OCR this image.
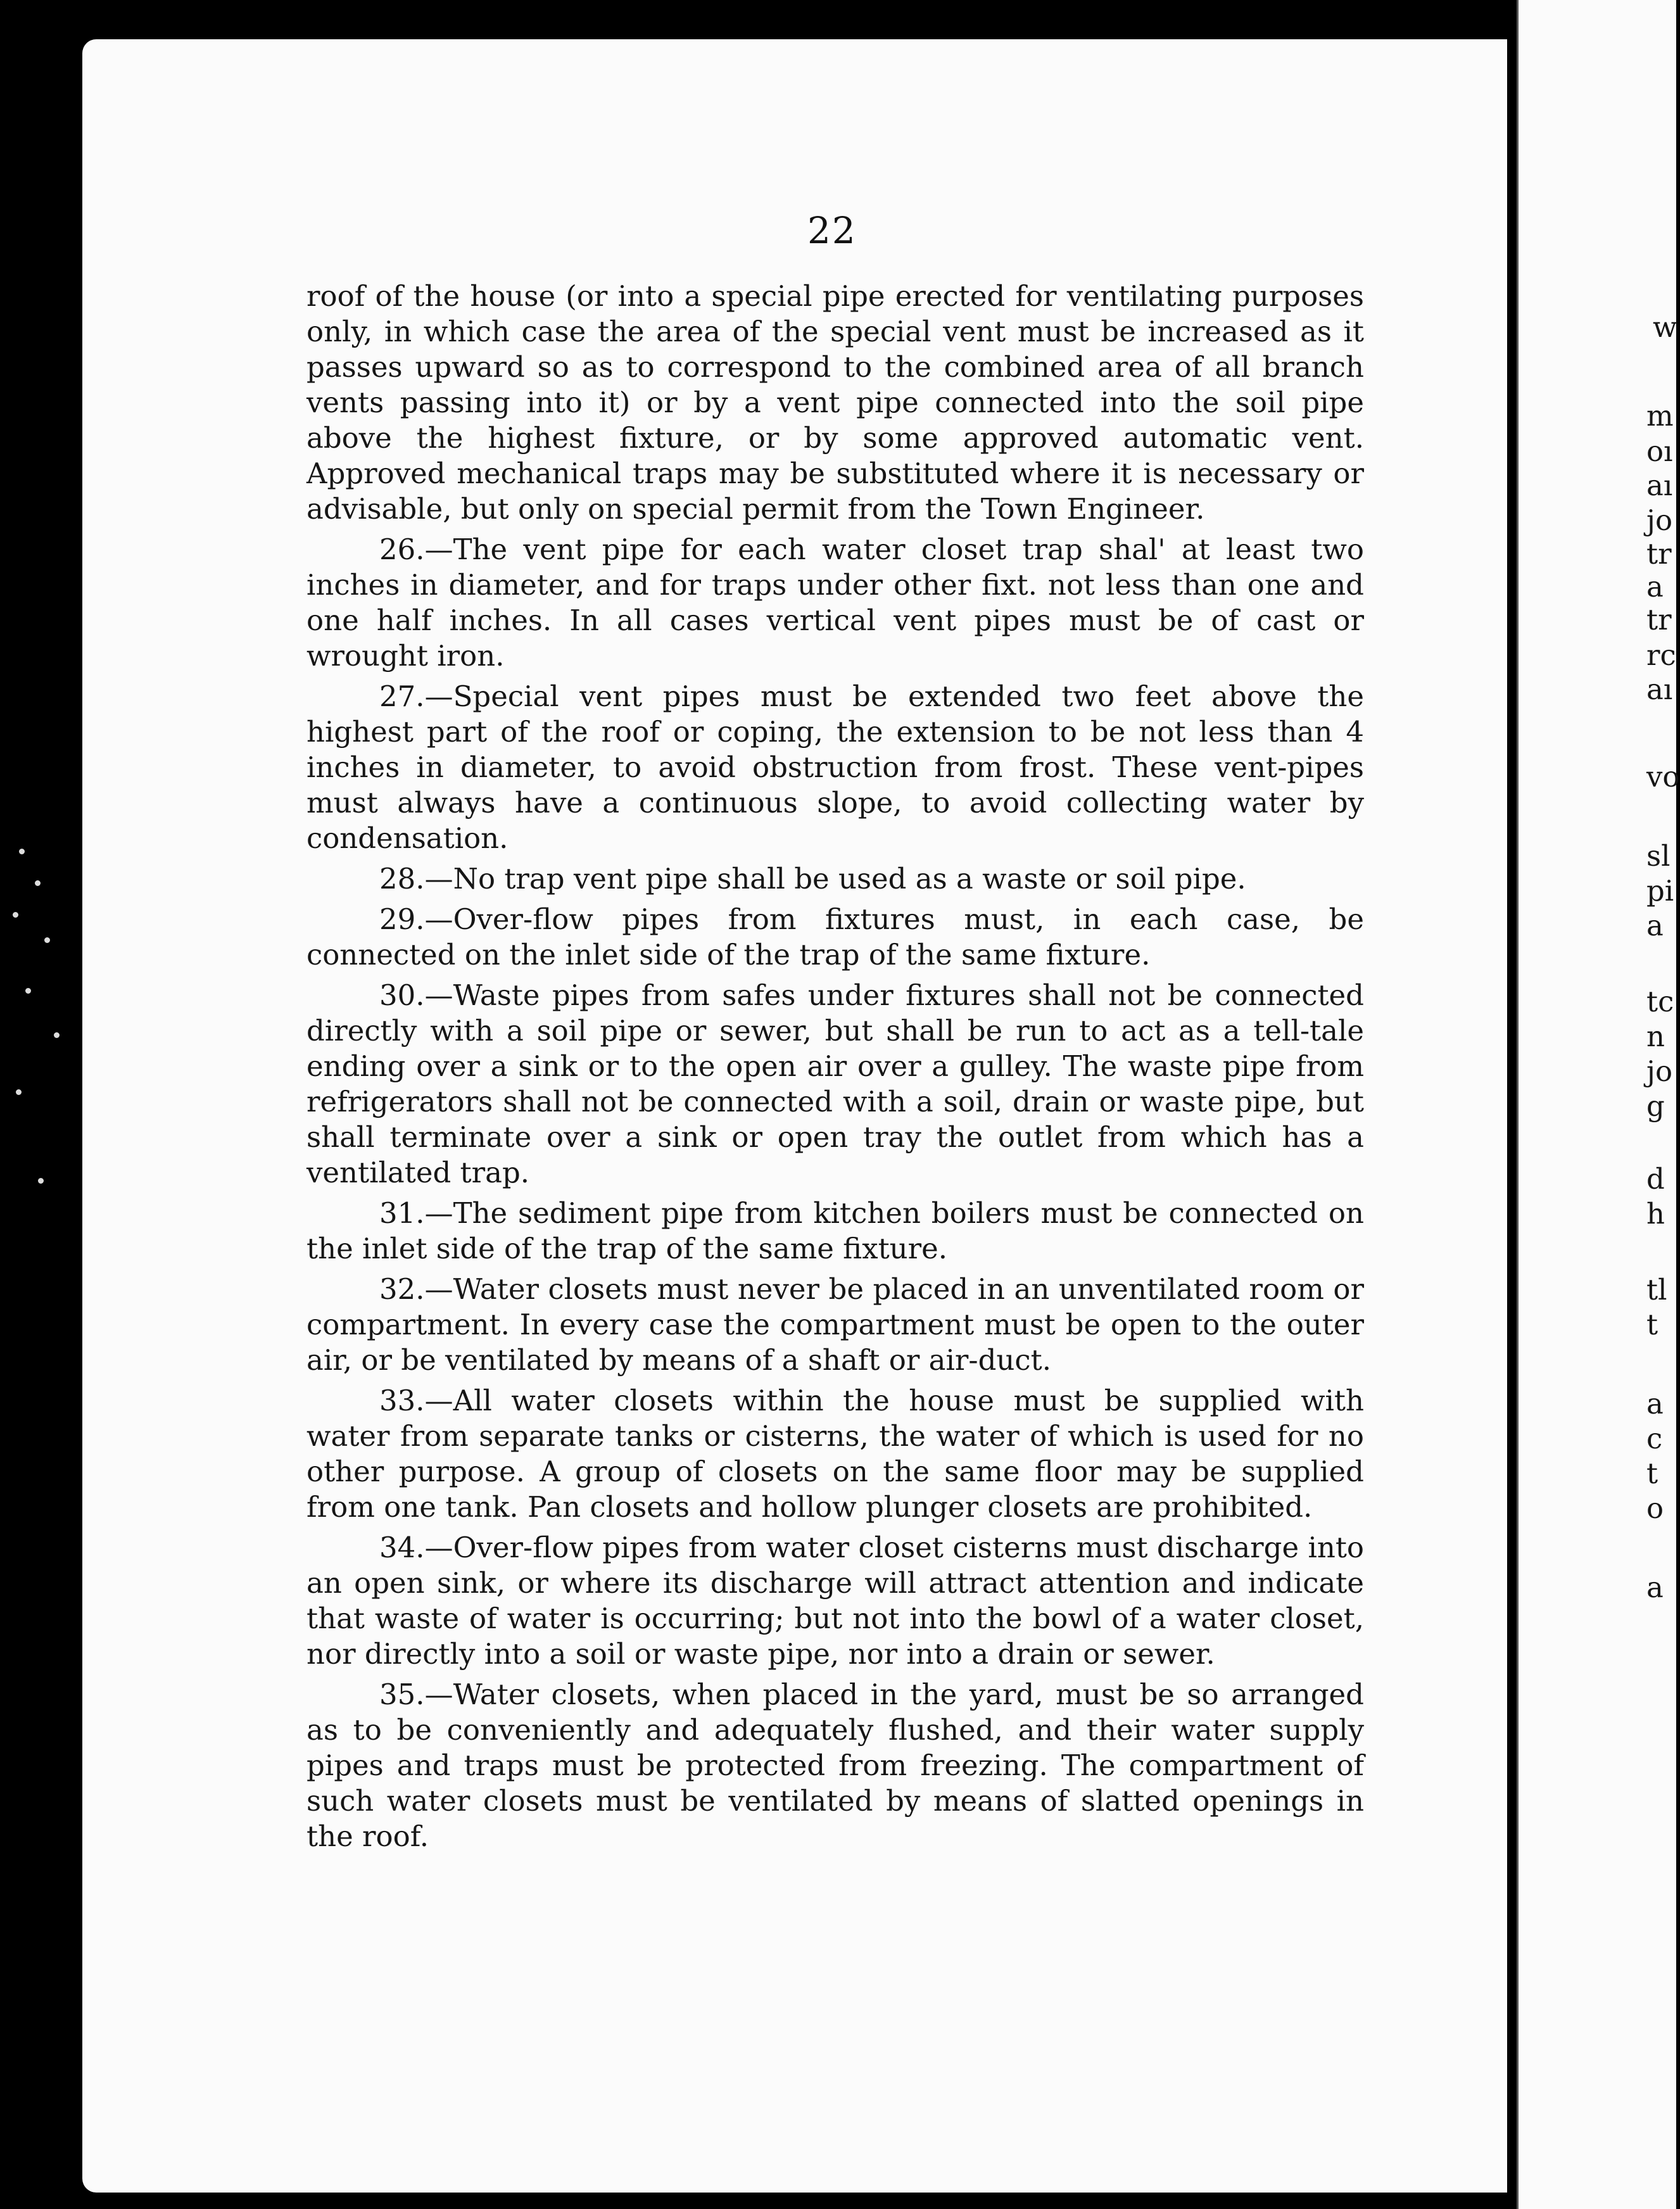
22

roof of the house (or into a special pipe erected for ventilating purposes only, in which case the area of the special vent must be increased as it passes upward so as to correspond to the combined area of all branch vents passing into it) or by a vent pipe connected into the soil pipe above the highest fixture, or by some approved automatic vent. Approved mechanical traps may be substituted where it is necessary or advisable, but only on special permit from the Town Engineer.

26.—The vent pipe for each water closet trap shal' at least two inches in diameter, and for traps under other fixt. not less than one and one half inches. In all cases vertical vent pipes must be of cast or wrought iron.

27.—Special vent pipes must be extended two feet above the highest part of the roof or coping, the extension to be not less than 4 inches in diameter, to avoid obstruction from frost. These vent-pipes must always have a continuous slope, to avoid collecting water by condensation.

28.—No trap vent pipe shall be used as a waste or soil pipe.

29.—Over-flow pipes from fixtures must, in each case, be connected on the inlet side of the trap of the same fixture.

30.—Waste pipes from safes under fixtures shall not be connected directly with a soil pipe or sewer, but shall be run to act as a tell-tale ending over a sink or to the open air over a gulley. The waste pipe from refrigerators shall not be connected with a soil, drain or waste pipe, but shall terminate over a sink or open tray the outlet from which has a ventilated trap.

31.—The sediment pipe from kitchen boilers must be connected on the inlet side of the trap of the same fixture.

32.—Water closets must never be placed in an unventilated room or compartment. In every case the compartment must be open to the outer air, or be ventilated by means of a shaft or air-duct.

33.—All water closets within the house must be supplied with water from separate tanks or cisterns, the water of which is used for no other purpose. A group of closets on the same floor may be supplied from one tank. Pan closets and hollow plunger closets are prohibited.

34.—Over-flow pipes from water closet cisterns must discharge into an open sink, or where its discharge will attract attention and indicate that waste of water is occurring; but not into the bowl of a water closet, nor directly into a soil or waste pipe, nor into a drain or sewer.

35.—Water closets, when placed in the yard, must be so arranged as to be conveniently and adequately flushed, and their water supply pipes and traps must be protected from freezing. The compartment of such water closets must be ventilated by means of slatted openings in the roof.

w
m
oı
aı
jo
tr
a
tr
rc
aı
vo
sl
pi
a
tc
n
jo
g
d
h
tl
t
a
c
t
o
a
